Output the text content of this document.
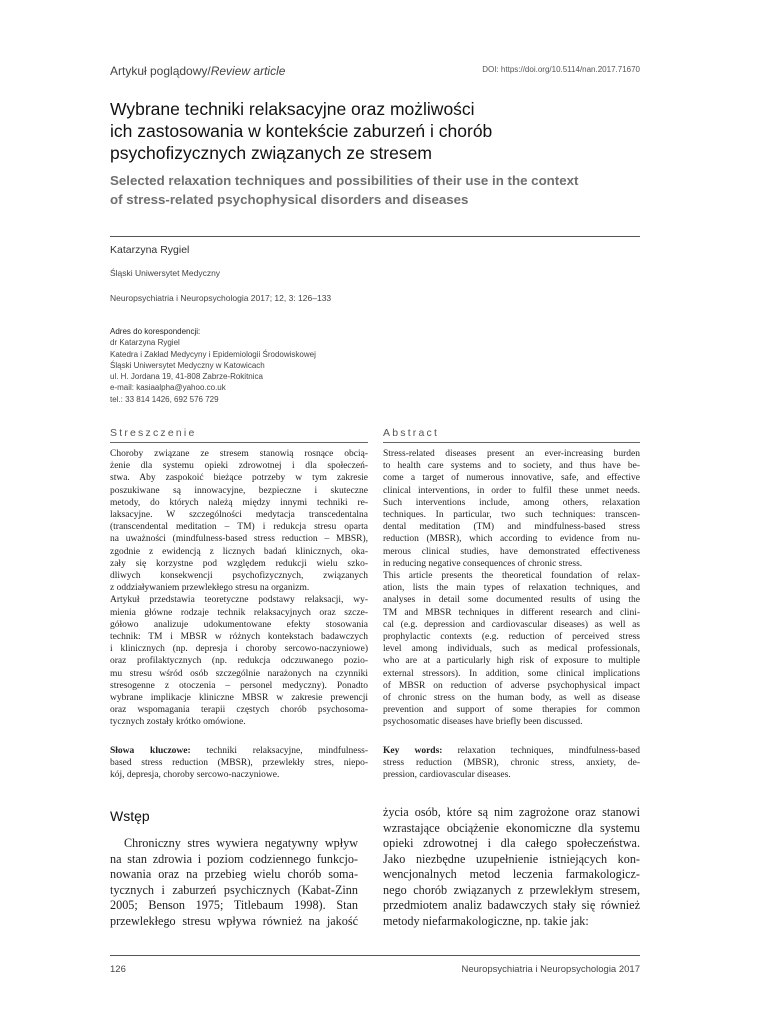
Artykuł poglądowy/Review article	DOI: https://doi.org/10.5114/nan.2017.71670
Wybrane techniki relaksacyjne oraz możliwości
ich zastosowania w kontekście zaburzeń i chorób
psychofizycznych związanych ze stresem
Selected relaxation techniques and possibilities of their use in the context
of stress-related psychophysical disorders and diseases
Katarzyna Rygiel
Śląski Uniwersytet Medyczny
Neuropsychiatria i Neuropsychologia 2017; 12, 3: 126–133
Adres do korespondencji:
dr Katarzyna Rygiel
Katedra i Zakład Medycyny i Epidemiologii Środowiskowej
Śląski Uniwersytet Medyczny w Katowicach
ul. H. Jordana 19, 41-808 Zabrze-Rokitnica
e-mail: kasiaalpha@yahoo.co.uk
tel.: 33 814 1426, 692 576 729
Streszczenie
Choroby związane ze stresem stanowią rosnące obcią-
żenie dla systemu opieki zdrowotnej i dla społeczeń-
stwa. Aby zaspokoić bieżące potrzeby w tym zakresie
poszukiwane są innowacyjne, bezpieczne i skuteczne
metody, do których należą między innymi techniki re-
laksacyjne. W szczególności medytacja transcedentalna
(transcendental meditation – TM) i redukcja stresu oparta
na uważności (mindfulness-based stress reduction – MBSR),
zgodnie z ewidencją z licznych badań klinicznych, oka-
zały się korzystne pod względem redukcji wielu szko-
dliwych konsekwencji psychofizycznych, związanych
z oddziaływaniem przewlekłego stresu na organizm.
Artykuł przedstawia teoretyczne podstawy relaksacji, wy-
mienia główne rodzaje technik relaksacyjnych oraz szcze-
gółowo analizuje udokumentowane efekty stosowania
technik: TM i MBSR w różnych kontekstach badawczych
i klinicznych (np. depresja i choroby sercowo-naczyniowe)
oraz profilaktycznych (np. redukcja odczuwanego pozio-
mu stresu wśród osób szczególnie narażonych na czynniki
stresogenne z otoczenia – personel medyczny). Ponadto
wybrane implikacje kliniczne MBSR w zakresie prewencji
oraz wspomagania terapii częstych chorób psychosoma-
tycznych zostały krótko omówione.
Słowa kluczowe: techniki relaksacyjne, mindfulness-
based stress reduction (MBSR), przewlekły stres, niepo-
kój, depresja, choroby sercowo-naczyniowe.
Abstract
Stress-related diseases present an ever-increasing burden
to health care systems and to society, and thus have be-
come a target of numerous innovative, safe, and effective
clinical interventions, in order to fulfil these unmet needs.
Such interventions include, among others, relaxation
techniques. In particular, two such techniques: transcen-
dental meditation (TM) and mindfulness-based stress
reduction (MBSR), which according to evidence from nu-
merous clinical studies, have demonstrated effectiveness
in reducing negative consequences of chronic stress.
This article presents the theoretical foundation of relax-
ation, lists the main types of relaxation techniques, and
analyses in detail some documented results of using the
TM and MBSR techniques in different research and clini-
cal (e.g. depression and cardiovascular diseases) as well as
prophylactic contexts (e.g. reduction of perceived stress
level among individuals, such as medical professionals,
who are at a particularly high risk of exposure to multiple
external stressors). In addition, some clinical implications
of MBSR on reduction of adverse psychophysical impact
of chronic stress on the human body, as well as disease
prevention and support of some therapies for common
psychosomatic diseases have briefly been discussed.
Key words: relaxation techniques, mindfulness-based
stress reduction (MBSR), chronic stress, anxiety, de-
pression, cardiovascular diseases.
Wstęp
Chroniczny stres wywiera negatywny wpływ
na stan zdrowia i poziom codziennego funkcjo-
nowania oraz na przebieg wielu chorób soma-
tycznych i zaburzeń psychicznych (Kabat-Zinn
2005; Benson 1975; Titlebaum 1998). Stan
przewlekłego stresu wpływa również na jakość
życia osób, które są nim zagrożone oraz stanowi
wzrastające obciążenie ekonomiczne dla systemu
opieki zdrowotnej i dla całego społeczeństwa.
Jako niezbędne uzupełnienie istniejących kon-
wencjonalnych metod leczenia farmakologicz-
nego chorób związanych z przewlekłym stresem,
przedmiotem analiz badawczych stały się również
metody niefarmakologiczne, np. takie jak:
126	Neuropsychiatria i Neuropsychologia 2017
